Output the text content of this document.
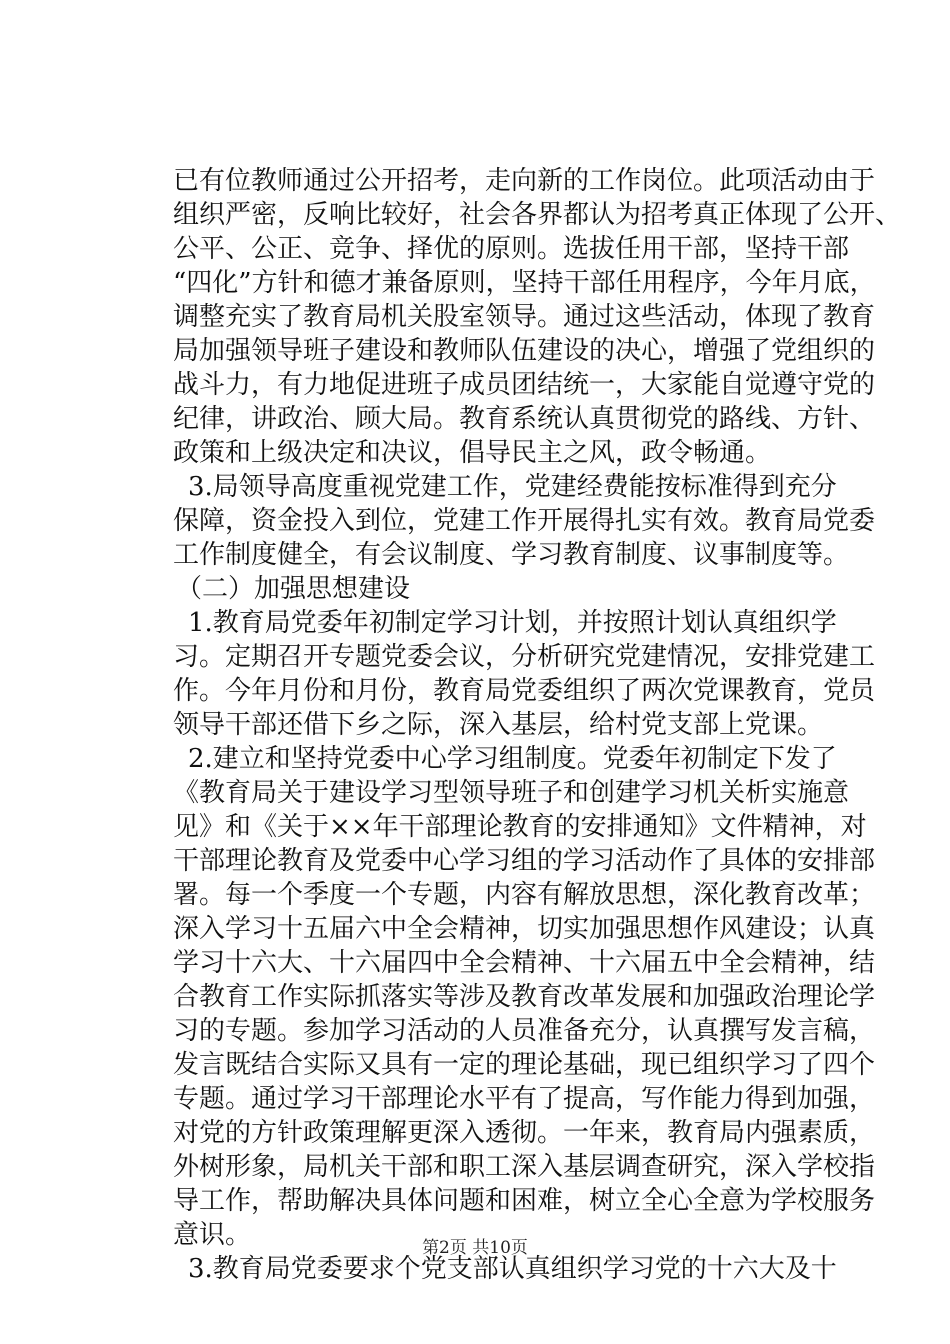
已有位教师通过公开招考，走向新的工作岗位。此项活动由于
组织严密，反响比较好，社会各界都认为招考真正体现了公开、
公平、公正、竞争、择优的原则。选拔任用干部，坚持干部
“四化”方针和德才兼备原则，坚持干部任用程序，今年月底，
调整充实了教育局机关股室领导。通过这些活动，体现了教育
局加强领导班子建设和教师队伍建设的决心，增强了党组织的
战斗力，有力地促进班子成员团结统一，大家能自觉遵守党的
纪律，讲政治、顾大局。教育系统认真贯彻党的路线、方针、
政策和上级决定和决议，倡导民主之风，政令畅通。
3.局领导高度重视党建工作，党建经费能按标准得到充分
保障，资金投入到位，党建工作开展得扎实有效。教育局党委
工作制度健全，有会议制度、学习教育制度、议事制度等。
（二）加强思想建设
1.教育局党委年初制定学习计划，并按照计划认真组织学
习。定期召开专题党委会议，分析研究党建情况，安排党建工
作。今年月份和月份，教育局党委组织了两次党课教育，党员
领导干部还借下乡之际，深入基层，给村党支部上党课。
2.建立和坚持党委中心学习组制度。党委年初制定下发了
《教育局关于建设学习型领导班子和创建学习机关析实施意
见》和《关于××年干部理论教育的安排通知》文件精神，对
干部理论教育及党委中心学习组的学习活动作了具体的安排部
署。每一个季度一个专题，内容有解放思想，深化教育改革；
深入学习十五届六中全会精神，切实加强思想作风建设；认真
学习十六大、十六届四中全会精神、十六届五中全会精神，结
合教育工作实际抓落实等涉及教育改革发展和加强政治理论学
习的专题。参加学习活动的人员准备充分，认真撰写发言稿，
发言既结合实际又具有一定的理论基础，现已组织学习了四个
专题。通过学习干部理论水平有了提高，写作能力得到加强，
对党的方针政策理解更深入透彻。一年来，教育局内强素质，
外树形象，局机关干部和职工深入基层调查研究，深入学校指
导工作，帮助解决具体问题和困难，树立全心全意为学校服务
意识。
3.教育局党委要求个党支部认真组织学习党的十六大及十
第2页 共10页
